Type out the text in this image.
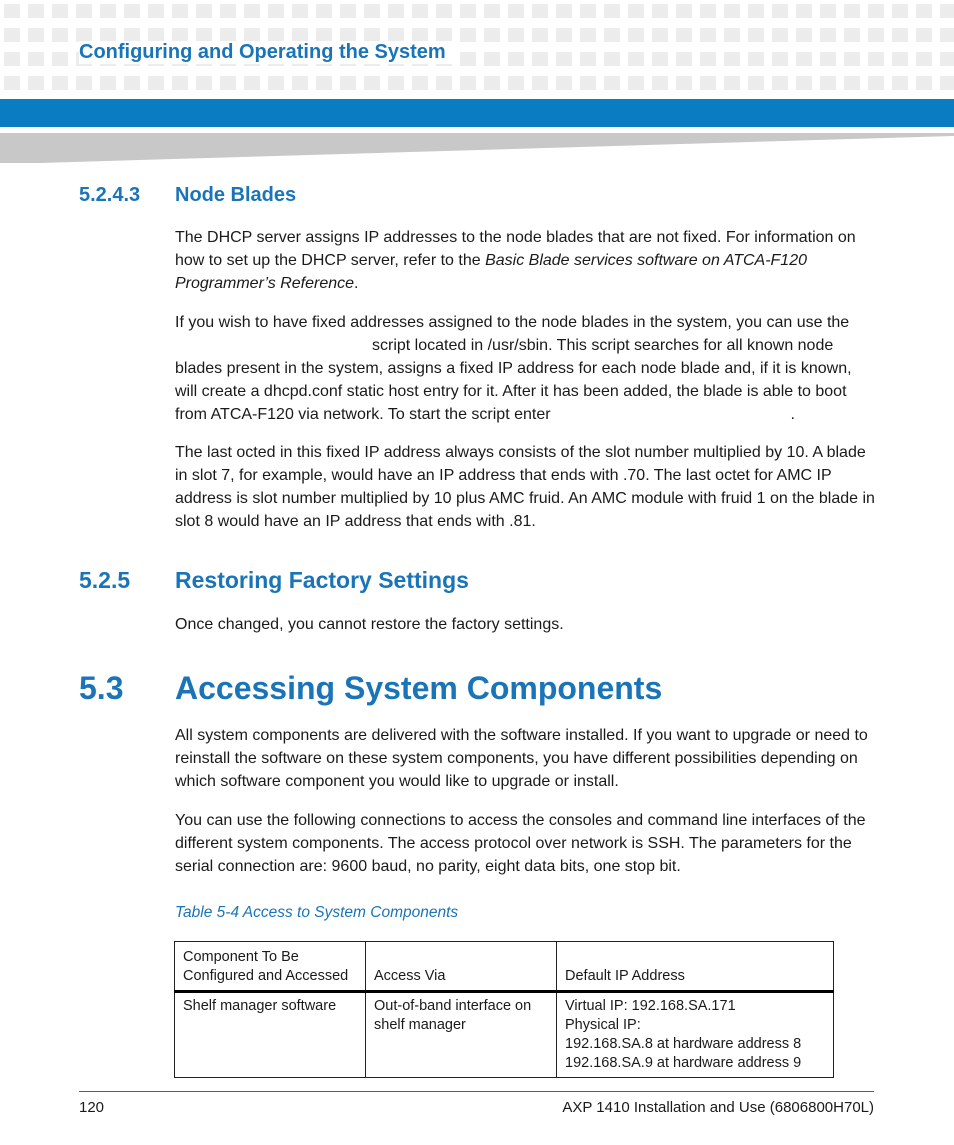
Configuring and Operating the System
5.2.4.3 Node Blades
The DHCP server assigns IP addresses to the node blades that are not fixed. For information on how to set up the DHCP server, refer to the Basic Blade services software on ATCA-F120 Programmer’s Reference.
If you wish to have fixed addresses assigned to the node blades in the system, you can use the
script located in /usr/sbin. This script searches for all known node
blades present in the system, assigns a fixed IP address for each node blade and, if it is known,
will create a dhcpd.conf static host entry for it. After it has been added, the blade is able to boot
from ATCA-F120 via network. To start the script enter	.
The last octed in this fixed IP address always consists of the slot number multiplied by 10. A blade in slot 7, for example, would have an IP address that ends with .70. The last octet for AMC IP address is slot number multiplied by 10 plus AMC fruid. An AMC module with fruid 1 on the blade in slot 8 would have an IP address that ends with .81.
5.2.5 Restoring Factory Settings
Once changed, you cannot restore the factory settings.
5.3 Accessing System Components
All system components are delivered with the software installed. If you want to upgrade or need to reinstall the software on these system components, you have different possibilities depending on which software component you would like to upgrade or install.
You can use the following connections to access the consoles and command line interfaces of the different system components. The access protocol over network is SSH. The parameters for the serial connection are: 9600 baud, no parity, eight data bits, one stop bit.
Table 5-4 Access to System Components
Component To Be Configured and Accessed	Access Via	Default IP Address
Shelf manager software	Out-of-band interface on shelf manager	Virtual IP: 192.168.SA.171
Physical IP:
192.168.SA.8 at hardware address 8
192.168.SA.9 at hardware address 9
120	AXP 1410 Installation and Use (6806800H70L)
